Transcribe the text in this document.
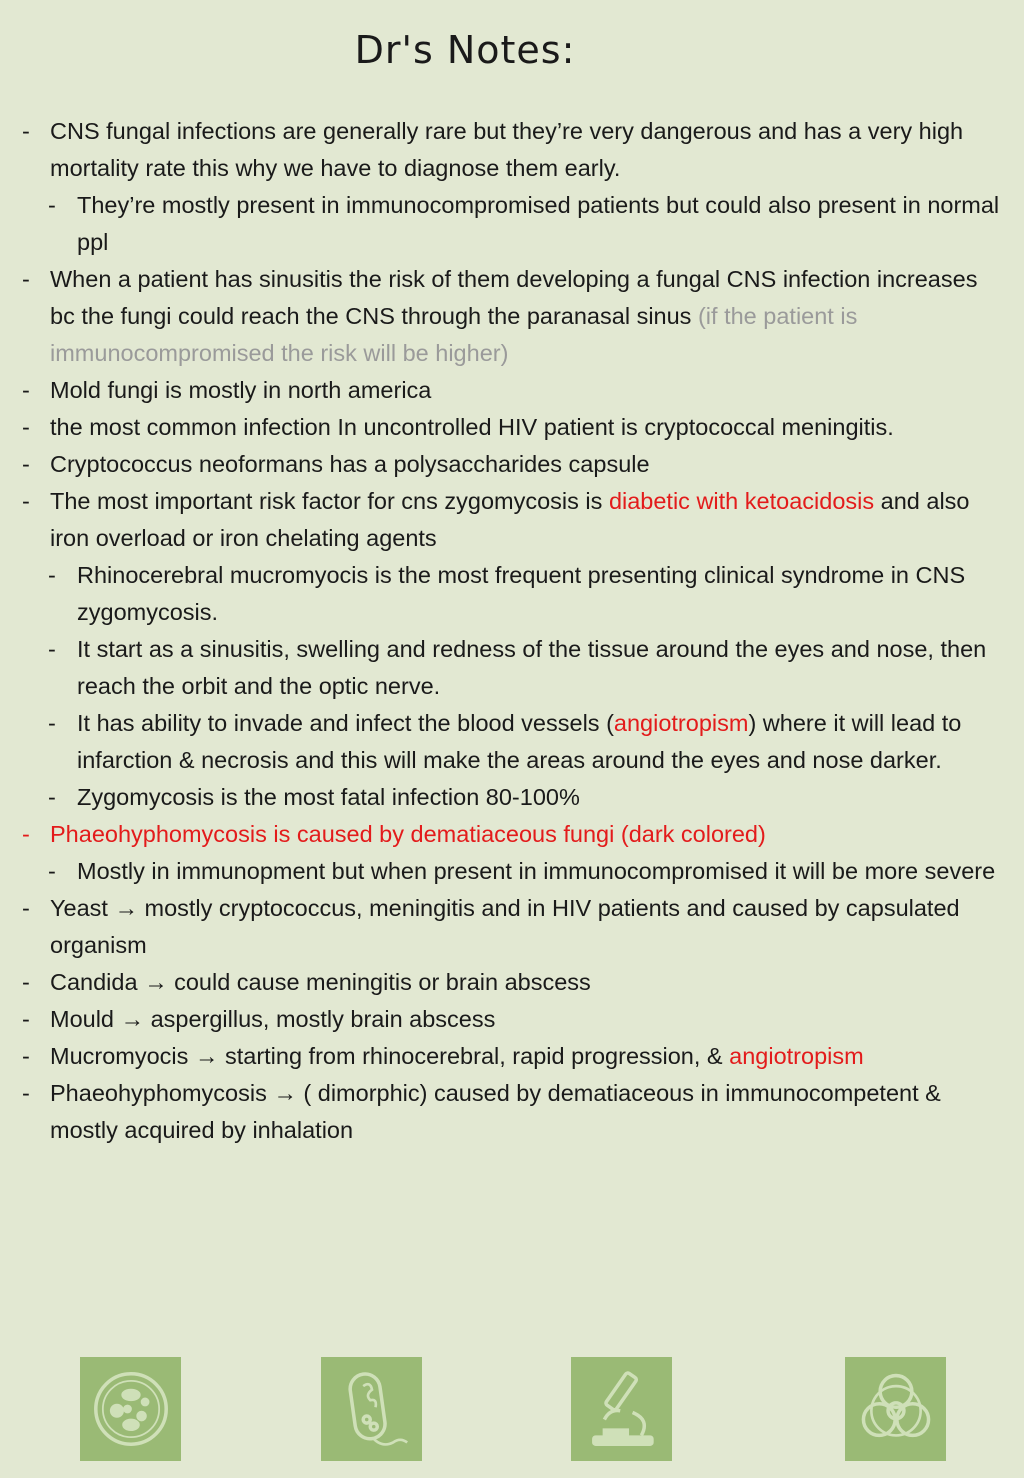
Dr's Notes:
- CNS fungal infections are generally rare but they’re very dangerous and has a very high mortality rate this why we have to diagnose them early.
- They’re mostly present in immunocompromised patients but could also present in normal ppl
- When a patient has sinusitis the risk of them developing a fungal CNS infection increases bc the fungi could reach the CNS through the paranasal sinus (if the patient is immunocompromised the risk will be higher)
- Mold fungi is mostly in north america
- the most common infection In uncontrolled HIV patient is cryptococcal meningitis.
- Cryptococcus neoformans has a polysaccharides capsule
- The most important risk factor for cns zygomycosis is diabetic with ketoacidosis and also iron overload or iron chelating agents
- Rhinocerebral mucromyocis is the most frequent presenting clinical syndrome in CNS zygomycosis.
- It start as a sinusitis, swelling and redness of the tissue around the eyes and nose, then reach the orbit and the optic nerve.
- It has ability to invade and infect the blood vessels (angiotropism) where it will lead to infarction & necrosis and this will make the areas around the eyes and nose darker.
- Zygomycosis is the most fatal infection 80-100%
- Phaeohyphomycosis is caused by dematiaceous fungi (dark colored)
- Mostly in immunopment but when present in immunocompromised it will be more severe
- Yeast → mostly cryptococcus, meningitis and in HIV patients and caused by capsulated organism
- Candida → could cause meningitis or brain abscess
- Mould → aspergillus, mostly brain abscess
- Mucromyocis → starting from rhinocerebral, rapid progression, & angiotropism
- Phaeohyphomycosis → ( dimorphic) caused by dematiaceous in immunocompetent & mostly acquired by inhalation
